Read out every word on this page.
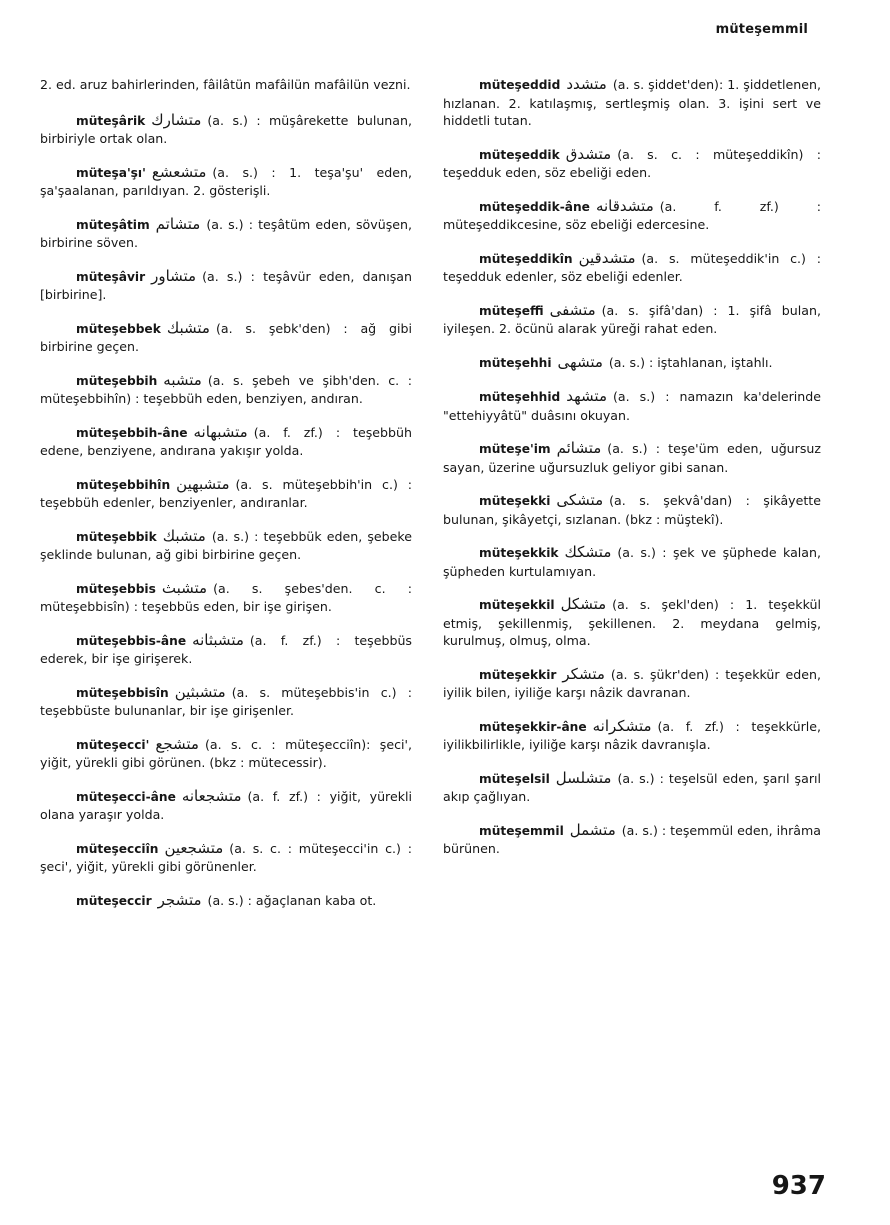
müteşemmil

2. ed. aruz bahirlerinden, fâilâtün mafâilün mafâilün vezni.

müteşârik متشارك (a. s.) : müşârekette bulunan, birbiriyle ortak olan.

müteşa'şı' متشعشع (a. s.) : 1. teşa'şu' eden, şa'şaalanan, parıldıyan. 2. gösterişli.

müteşâtim متشاتم (a. s.) : teşâtüm eden, sövüşen, birbirine söven.

müteşâvir متشاور (a. s.) : teşâvür eden, danışan [birbirine].

müteşebbek متشبك (a. s. şebk'den) : ağ gibi birbirine geçen.

müteşebbih متشبه (a. s. şebeh ve şibh'den. c. : müteşebbihîn) : teşebbüh eden, benziyen, andıran.

müteşebbih-âne متشبهانه (a. f. zf.) : teşebbüh edene, benziyene, andırana yakışır yolda.

müteşebbihîn متشبهين (a. s. müteşebbih'in c.) : teşebbüh edenler, benziyenler, andıranlar.

müteşebbik متشبك (a. s.) : teşebbük eden, şebeke şeklinde bulunan, ağ gibi birbirine geçen.

müteşebbis متشبث (a. s. şebes'den. c. : müteşebbisîn) : teşebbüs eden, bir işe girişen.

müteşebbis-âne متشبثانه (a. f. zf.) : teşebbüs ederek, bir işe girişerek.

müteşebbisîn متشبثين (a. s. müteşebbis'in c.) : teşebbüste bulunanlar, bir işe girişenler.

müteşecci' متشجع (a. s. c. : müteşecciîn): şeci', yiğit, yürekli gibi görünen. (bkz : mütecessir).

müteşecci-âne متشجعانه (a. f. zf.) : yiğit, yürekli olana yaraşır yolda.

müteşecciîn متشجعين (a. s. c. : müteşecci'in c.) : şeci', yiğit, yürekli gibi görünenler.

müteşeccir متشجر (a. s.) : ağaçlanan kaba ot.

müteşeddid متشدد (a. s. şiddet'den): 1. şiddetlenen, hızlanan. 2. katılaşmış, sertleşmiş olan. 3. işini sert ve hiddetli tutan.

müteşeddik متشدق (a. s. c. : müteşeddikîn) : teşedduk eden, söz ebeliği eden.

müteşeddik-âne متشدقانه (a. f. zf.) : müteşeddikcesine, söz ebeliği edercesine.

müteşeddikîn متشدقين (a. s. müteşeddik'in c.) : teşedduk edenler, söz ebeliği edenler.

müteşeffi متشفى (a. s. şifâ'dan) : 1. şifâ bulan, iyileşen. 2. öcünü alarak yüreği rahat eden.

müteşehhi متشهى (a. s.) : iştahlanan, iştahlı.

müteşehhid متشهد (a. s.) : namazın ka'delerinde "ettehiyyâtü" duâsını okuyan.

müteşe'im متشائم (a. s.) : teşe'üm eden, uğursuz sayan, üzerine uğursuzluk geliyor gibi sanan.

müteşekki متشكى (a. s. şekvâ'dan) : şikâyette bulunan, şikâyetçi, sızlanan. (bkz : müştekî).

müteşekkik متشكك (a. s.) : şek ve şüphede kalan, şüpheden kurtulamıyan.

müteşekkil متشكل (a. s. şekl'den) : 1. teşekkül etmiş, şekillenmiş, şekillenen. 2. meydana gelmiş, kurulmuş, olmuş, olma.

müteşekkir متشكر (a. s. şükr'den) : teşekkür eden, iyilik bilen, iyiliğe karşı nâzik davranan.

müteşekkir-âne متشكرانه (a. f. zf.) : teşekkürle, iyilikbilirlikle, iyiliğe karşı nâzik davranışla.

müteşelsil متشلسل (a. s.) : teşelsül eden, şarıl şarıl akıp çağlıyan.

müteşemmil متشمل (a. s.) : teşemmül eden, ihrâma bürünen.

937
